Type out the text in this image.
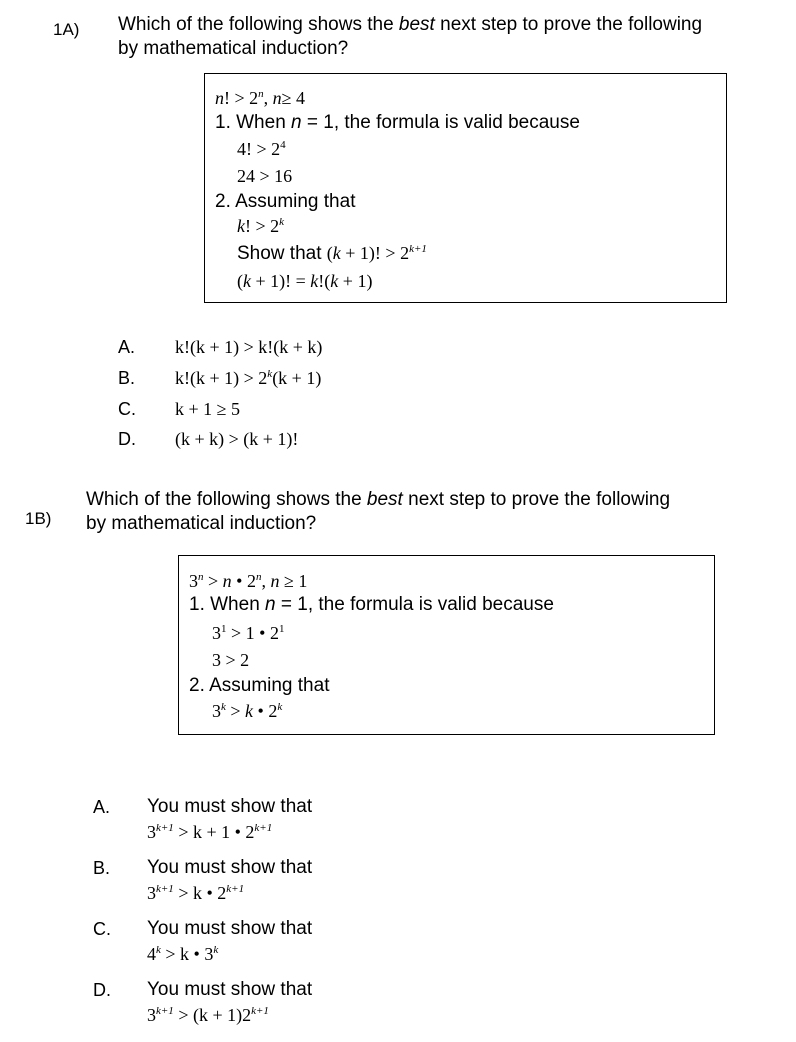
1A) Which of the following shows the best next step to prove the following
by mathematical induction?
n! > $2^n$, n≥ 4
1. When n = 1, the formula is valid because
4! > $2^4$
24 > 16
2. Assuming that
k! > $2^k$
Show that (k + 1)! > $2^{k+1}$
(k + 1)! = k!(k + 1)
A. k!(k + 1) > k!(k + k)
B. $k!(k + 1) > 2^k(k + 1)$
C. k + 1 ≥ 5
D. (k + k) > (k + 1)!
1B)
Which of the following shows the best next step to prove the following
by mathematical induction?
$3^n > n$ • 2$^n$, n ≥ 1
1. When n = 1, the formula is valid because
$3^1 > 1$ • $2^1$
3 > 2
2. Assuming that
$3^k > k$ • 2$^k$
A. You must show that
$3^{k+1} > k + 1$ • $2^{k+1}$
B. You must show that
$3^{k+1} > k$ • $2^{k+1}$
C. You must show that
$4^k > k$ • 3$^k$
D. You must show that
$3^{k+1} > (k + 1)2^{k+1}$
